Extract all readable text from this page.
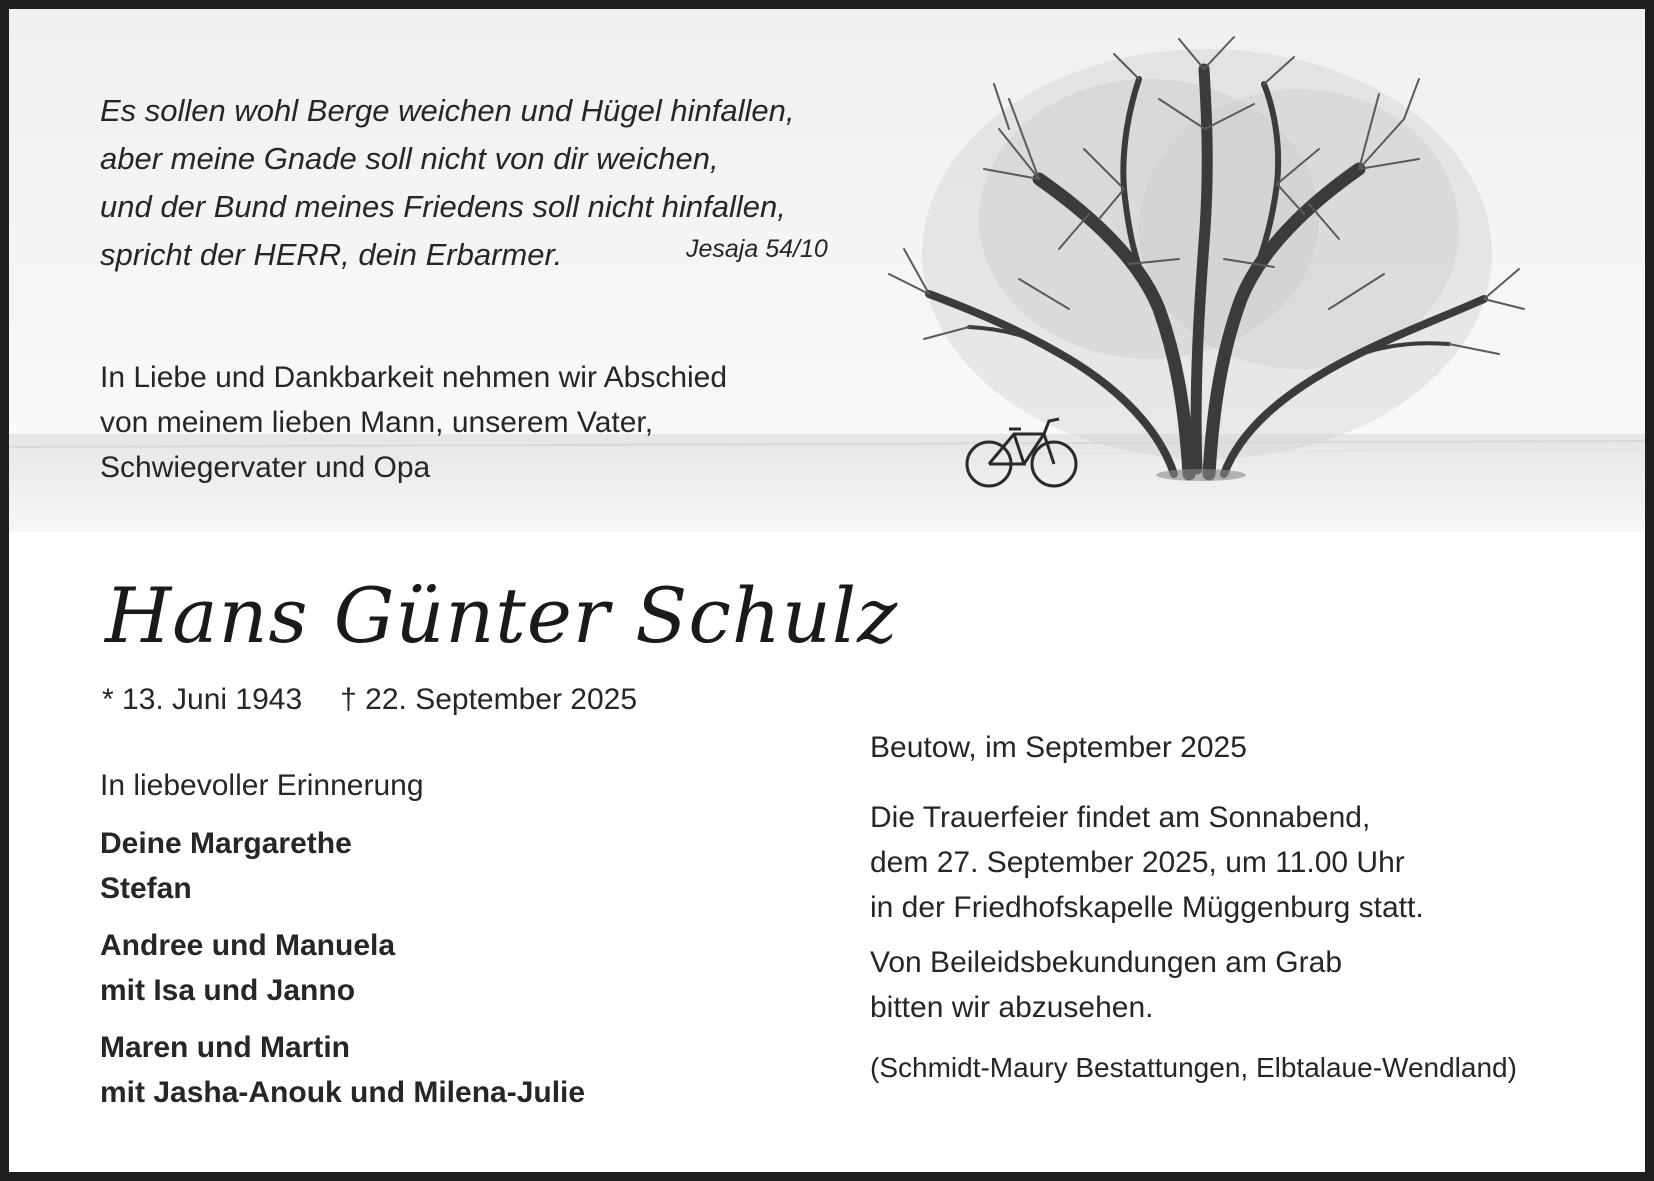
Es sollen wohl Berge weichen und Hügel hinfallen,
aber meine Gnade soll nicht von dir weichen,
und der Bund meines Friedens soll nicht hinfallen,
spricht der HERR, dein Erbarmer.	Jesaja 54/10
In Liebe und Dankbarkeit nehmen wir Abschied
von meinem lieben Mann, unserem Vater,
Schwiegervater und Opa
Hans Günter Schulz
* 13. Juni 1943 † 22. September 2025
In liebevoller Erinnerung
Deine Margarethe
Stefan
Andree und Manuela
mit Isa und Janno
Maren und Martin
mit Jasha-Anouk und Milena-Julie
Beutow, im September 2025
Die Trauerfeier findet am Sonnabend,
dem 27. September 2025, um 11.00 Uhr
in der Friedhofskapelle Müggenburg statt.
Von Beileidsbekundungen am Grab
bitten wir abzusehen.
(Schmidt-Maury Bestattungen, Elbtalaue-Wendland)
